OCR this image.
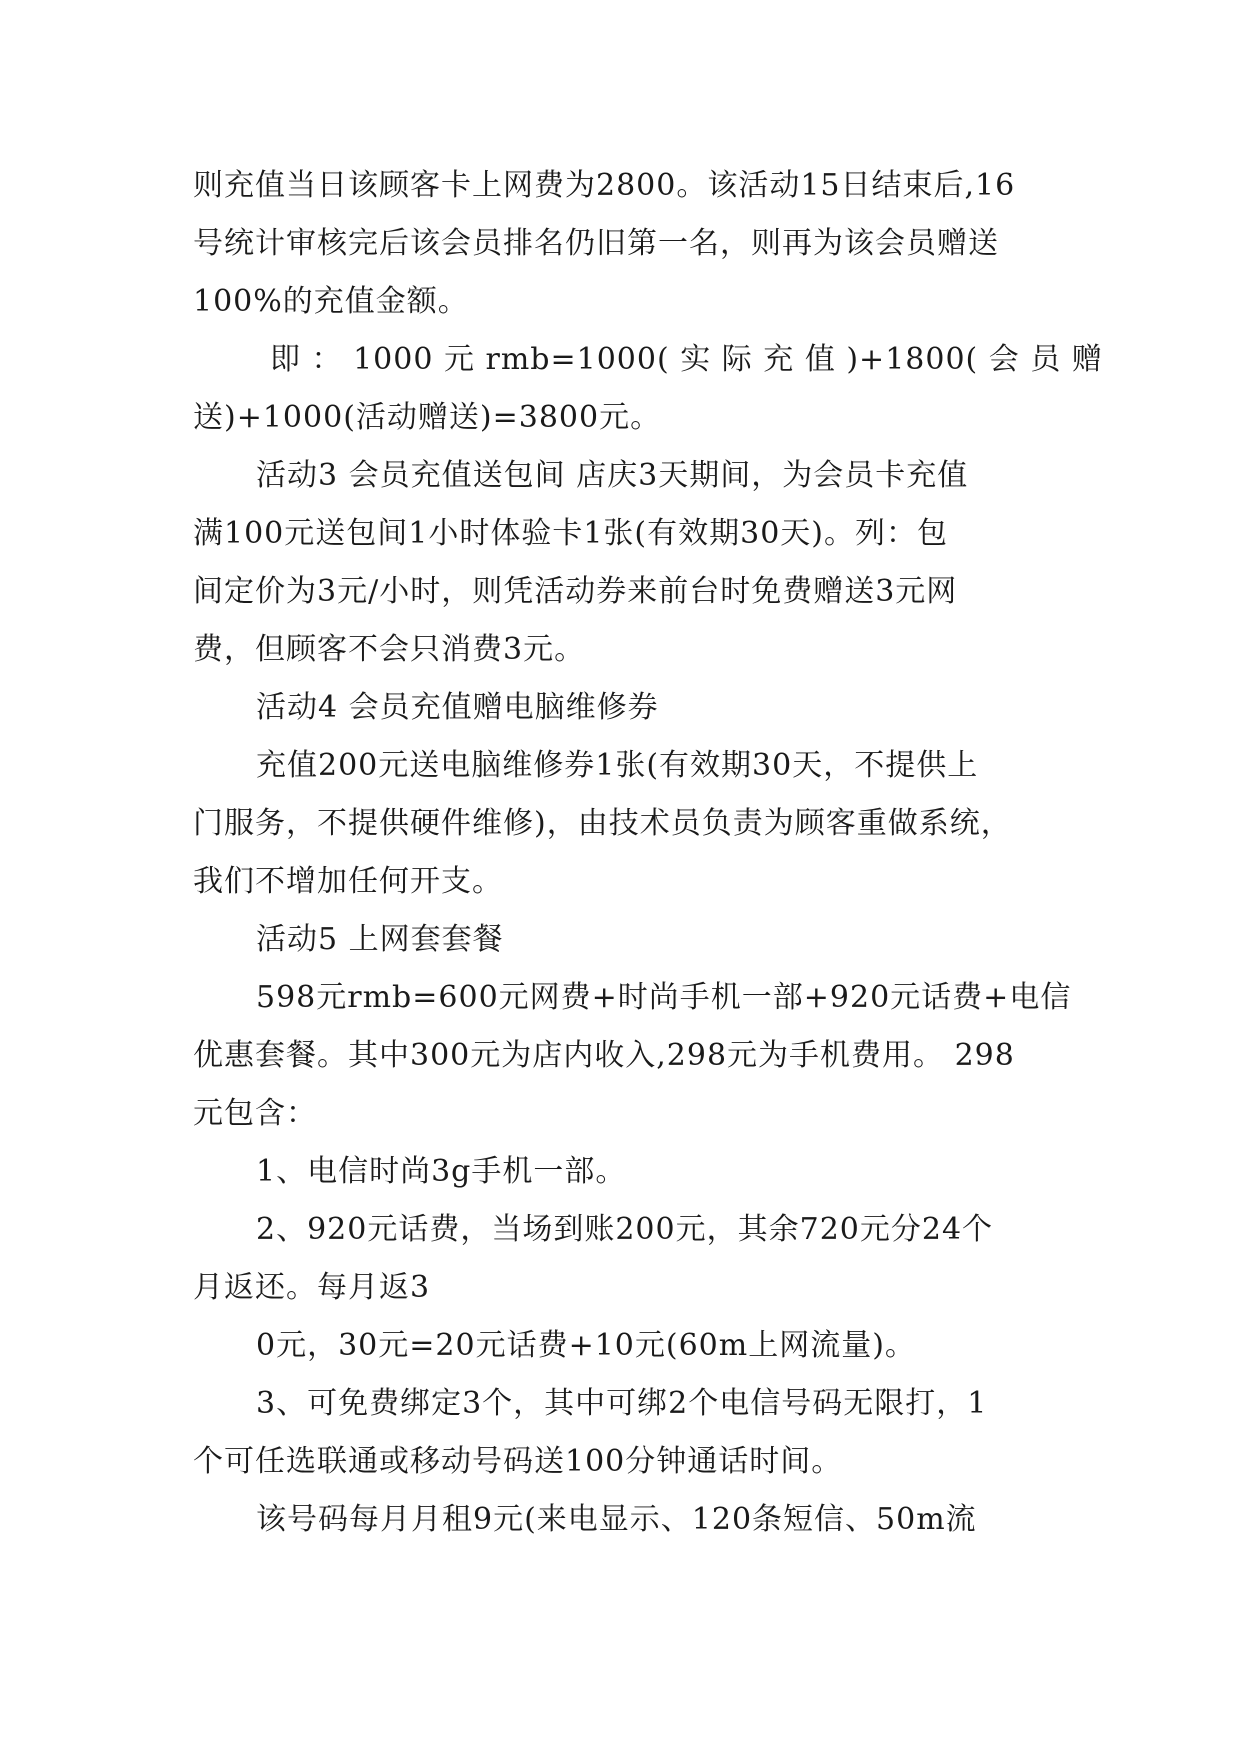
则充值当日该顾客卡上网费为2800。该活动15日结束后,16
号统计审核完后该会员排名仍旧第一名，则再为该会员赠送
100%的充值金额。
即 ： 1000 元 rmb=1000( 实 际 充 值 )+1800( 会 员 赠
送)+1000(活动赠送)=3800元。
活动3 会员充值送包间 店庆3天期间，为会员卡充值
满100元送包间1小时体验卡1张(有效期30天)。列：包
间定价为3元/小时，则凭活动券来前台时免费赠送3元网
费，但顾客不会只消费3元。
活动4 会员充值赠电脑维修券
充值200元送电脑维修券1张(有效期30天，不提供上
门服务，不提供硬件维修)，由技术员负责为顾客重做系统，
我们不增加任何开支。
活动5 上网套套餐
598元rmb=600元网费+时尚手机一部+920元话费+电信
优惠套餐。其中300元为店内收入,298元为手机费用。 298
元包含：
1、电信时尚3g手机一部。
2、920元话费，当场到账200元，其余720元分24个
月返还。每月返3
0元，30元=20元话费+10元(60m上网流量)。
3、可免费绑定3个，其中可绑2个电信号码无限打，1
个可任选联通或移动号码送100分钟通话时间。
该号码每月月租9元(来电显示、120条短信、50m流
